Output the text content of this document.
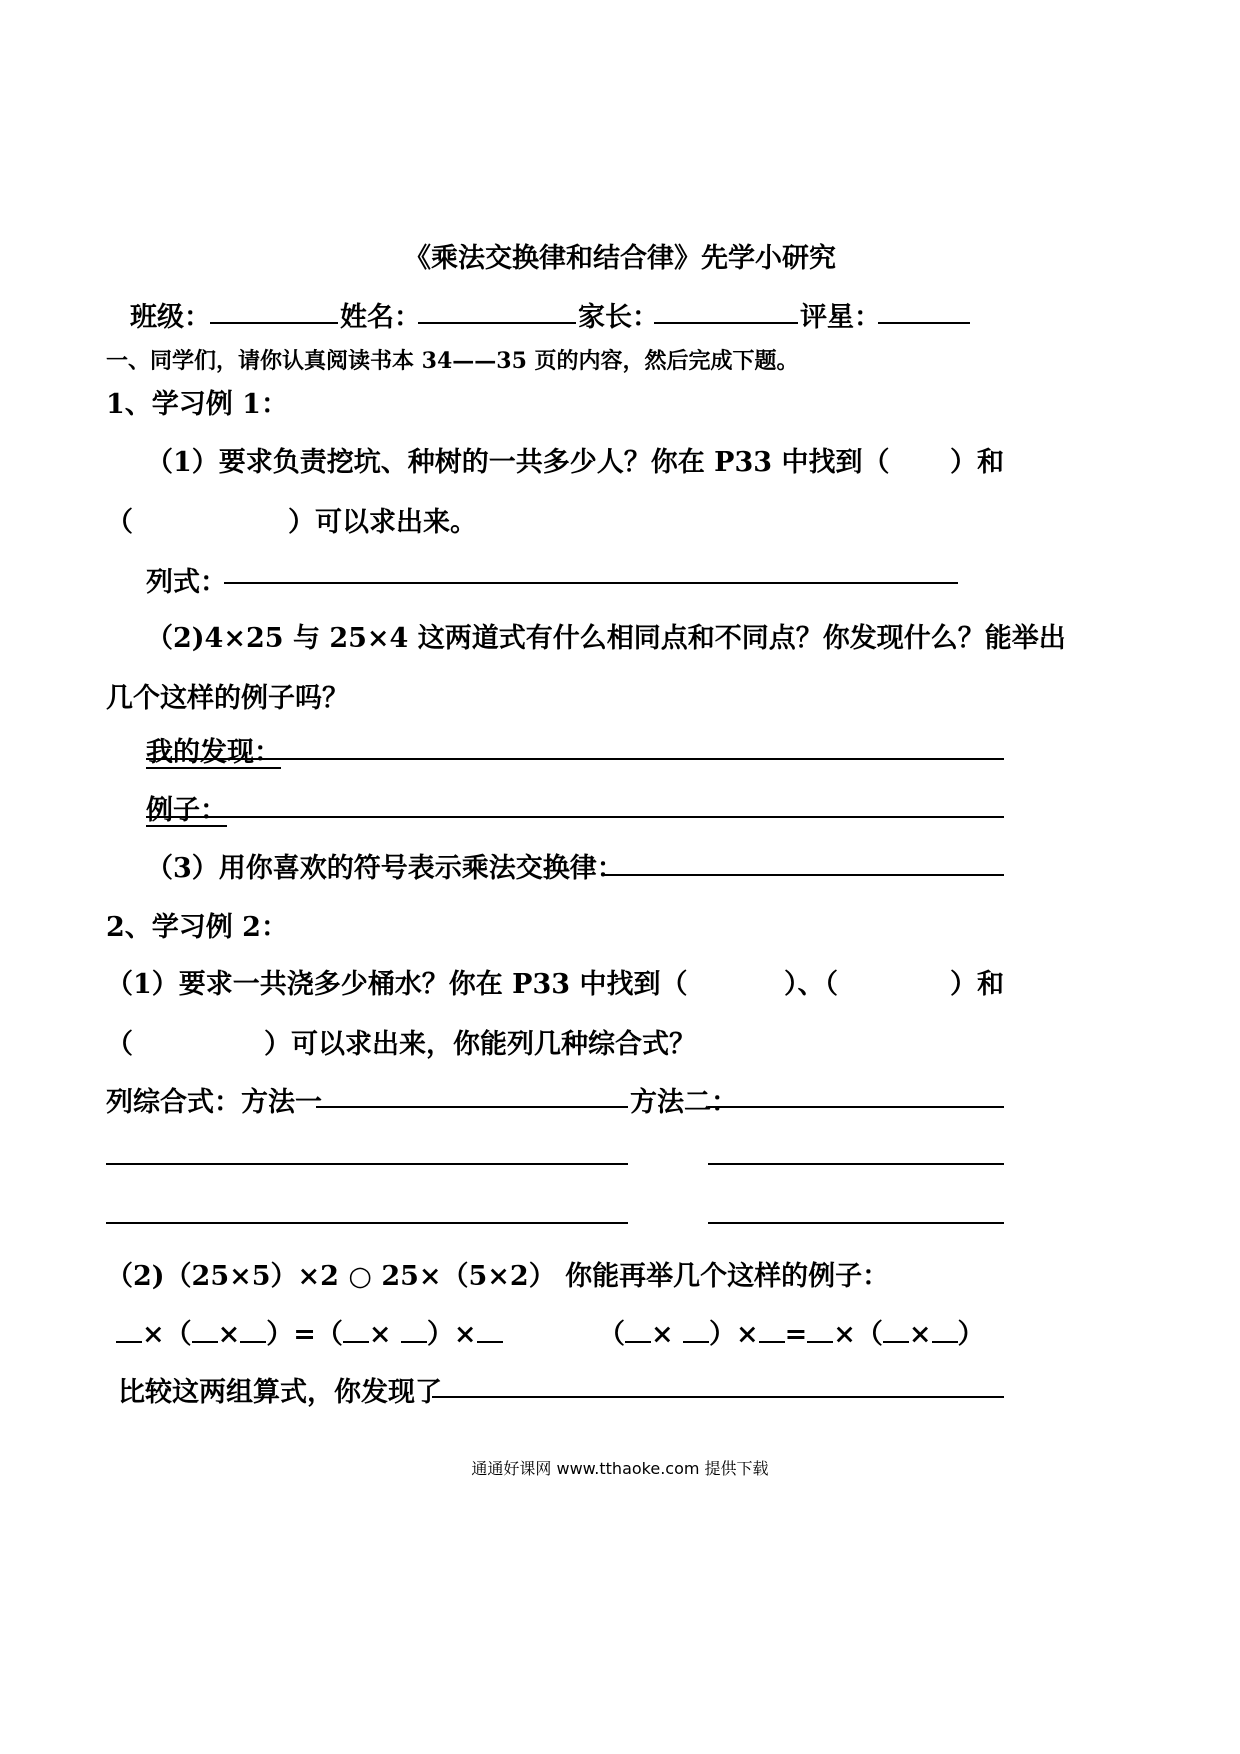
《乘法交换律和结合律》先学小研究
班级：	姓名：	家长：	评星：
一、同学们，请你认真阅读书本 34——35 页的内容，然后完成下题。
1、学习例 1：
（1）要求负责挖坑、种树的一共多少人？你在 P33 中找到（ ）和
（	）可以求出来。
列式：
（2)4×25 与 25×4 这两道式有什么相同点和不同点？你发现什么？能举出
几个这样的例子吗？
我的发现：
例子：
（3）用你喜欢的符号表示乘法交换律：
2、学习例 2：
（1）要求一共浇多少桶水？你在 P33 中找到（	）、（	）和
（	）可以求出来，你能列几种综合式？
列综合式：方法一	方法二：
（2)（25×5）×2 ○ 25×（5×2） 你能再举几个这样的例子：
×（ × ）=（ × ）×	（ × ）× = ×（ × ）
比较这两组算式，你发现了
通通好课网 www.tthaoke.com 提供下载
